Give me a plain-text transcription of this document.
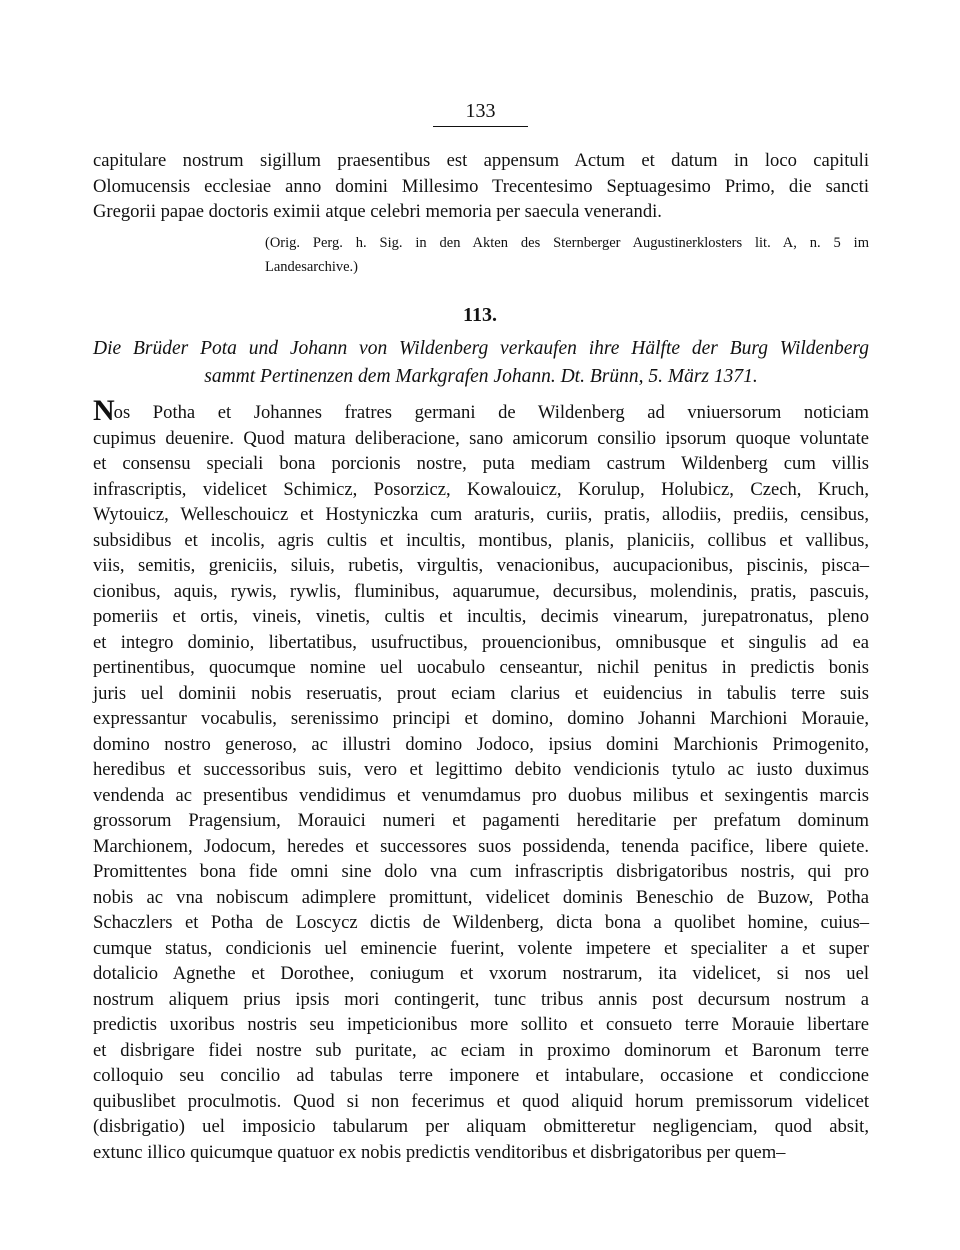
133
capitulare nostrum sigillum praesentibus est appensum Actum et datum in loco capituli
Olomucensis ecclesiae anno domini Millesimo Trecentesimo Septuagesimo Primo, die sancti
Gregorii papae doctoris eximii atque celebri memoria per saecula venerandi.
(Orig. Perg. h. Sig. in den Akten des Sternberger Augustinerklosters lit. A, n. 5 im
Landesarchive.)
113.
Die Brüder Pota und Johann von Wildenberg verkaufen ihre Hälfte der Burg Wildenberg
sammt Pertinenzen dem Markgrafen Johann. Dt. Brünn, 5. März 1371.
Nos Potha et Johannes fratres germani de Wildenberg ad vniuersorum noticiam
cupimus deuenire. Quod matura deliberacione, sano amicorum consilio ipsorum quoque voluntate
et consensu speciali bona porcionis nostre, puta mediam castrum Wildenberg cum villis
infrascriptis, videlicet Schimicz, Posorzicz, Kowalouicz, Korulup, Holubicz, Czech, Kruch,
Wytouicz, Welleschouicz et Hostyniczka cum araturis, curiis, pratis, allodiis, prediis, censibus,
subsidibus et incolis, agris cultis et incultis, montibus, planis, planiciis, collibus et vallibus,
viis, semitis, greniciis, siluis, rubetis, virgultis, venacionibus, aucupacionibus, piscinis, pisca–
cionibus, aquis, rywis, rywlis, fluminibus, aquarumue, decursibus, molendinis, pratis, pascuis,
pomeriis et ortis, vineis, vinetis, cultis et incultis, decimis vinearum, jurepatronatus, pleno
et integro dominio, libertatibus, usufructibus, prouencionibus, omnibusque et singulis ad ea
pertinentibus, quocumque nomine uel uocabulo censeantur, nichil penitus in predictis bonis
juris uel dominii nobis reseruatis, prout eciam clarius et euidencius in tabulis terre suis
expressantur vocabulis, serenissimo principi et domino, domino Johanni Marchioni Morauie,
domino nostro generoso, ac illustri domino Jodoco, ipsius domini Marchionis Primogenito,
heredibus et successoribus suis, vero et legittimo debito vendicionis tytulo ac iusto duximus
vendenda ac presentibus vendidimus et venumdamus pro duobus milibus et sexingentis marcis
grossorum Pragensium, Morauici numeri et pagamenti hereditarie per prefatum dominum
Marchionem, Jodocum, heredes et successores suos possidenda, tenenda pacifice, libere quiete.
Promittentes bona fide omni sine dolo vna cum infrascriptis disbrigatoribus nostris, qui pro
nobis ac vna nobiscum adimplere promittunt, videlicet dominis Beneschio de Buzow, Potha
Schaczlers et Potha de Loscycz dictis de Wildenberg, dicta bona a quolibet homine, cuius–
cumque status, condicionis uel eminencie fuerint, volente impetere et specialiter a et super
dotalicio Agnethe et Dorothee, coniugum et vxorum nostrarum, ita videlicet, si nos uel
nostrum aliquem prius ipsis mori contingerit, tunc tribus annis post decursum nostrum a
predictis uxoribus nostris seu impeticionibus more sollito et consueto terre Morauie libertare
et disbrigare fidei nostre sub puritate, ac eciam in proximo dominorum et Baronum terre
colloquio seu concilio ad tabulas terre imponere et intabulare, occasione et condiccione
quibuslibet proculmotis. Quod si non fecerimus et quod aliquid horum premissorum videlicet
(disbrigatio) uel imposicio tabularum per aliquam obmitteretur negligenciam, quod absit,
extunc illico quicumque quatuor ex nobis predictis venditoribus et disbrigatoribus per quem–
